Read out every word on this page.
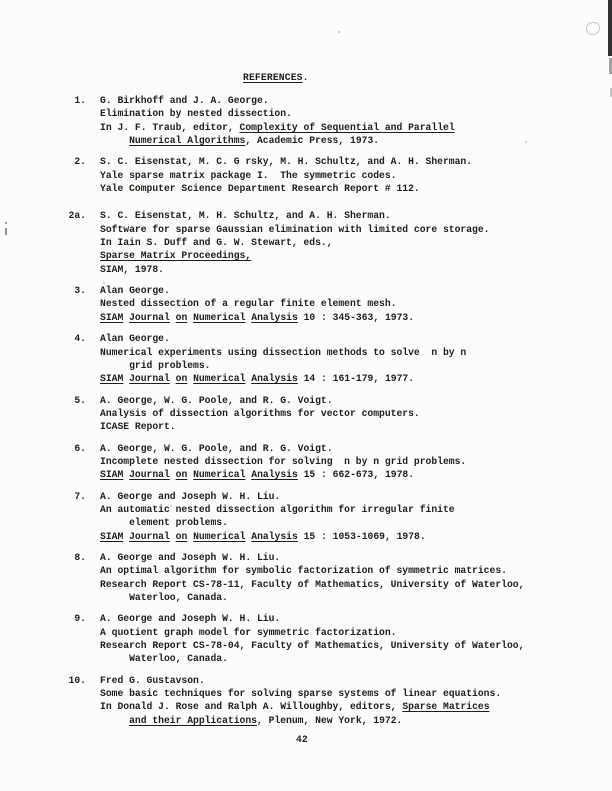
REFERENCES.
1. G. Birkhoff and J. A. George.
Elimination by nested dissection.
In J. F. Traub, editor, Complexity of Sequential and Parallel
Numerical Algorithms, Academic Press, 1973.
2. S. C. Eisenstat, M. C. G rsky, M. H. Schultz, and A. H. Sherman.
Yale sparse matrix package I.  The symmetric codes.
Yale Computer Science Department Research Report # 112.
2a. S. C. Eisenstat, M. H. Schultz, and A. H. Sherman.
Software for sparse Gaussian elimination with limited core storage.
In Iain S. Duff and G. W. Stewart, eds.,
Sparse Matrix Proceedings,
SIAM, 1978.
3. Alan George.
Nested dissection of a regular finite element mesh.
SIAM Journal on Numerical Analysis 10 : 345-363, 1973.
4. Alan George.
Numerical experiments using dissection methods to solve  n by n
grid problems.
SIAM Journal on Numerical Analysis 14 : 161-179, 1977.
5. A. George, W. G. Poole, and R. G. Voigt.
Analysis of dissection algorithms for vector computers.
ICASE Report.
6. A. George, W. G. Poole, and R. G. Voigt.
Incomplete nested dissection for solving  n by n grid problems.
SIAM Journal on Numerical Analysis 15 : 662-673, 1978.
7. A. George and Joseph W. H. Liu.
An automatic nested dissection algorithm for irregular finite
element problems.
SIAM Journal on Numerical Analysis 15 : 1053-1069, 1978.
8. A. George and Joseph W. H. Liu.
An optimal algorithm for symbolic factorization of symmetric matrices.
Research Report CS-78-11, Faculty of Mathematics, University of Waterloo,
Waterloo, Canada.
9. A. George and Joseph W. H. Liu.
A quotient graph model for symmetric factorization.
Research Report CS-78-04, Faculty of Mathematics, University of Waterloo,
Waterloo, Canada.
10. Fred G. Gustavson.
Some basic techniques for solving sparse systems of linear equations.
In Donald J. Rose and Ralph A. Willoughby, editors, Sparse Matrices
and their Applications, Plenum, New York, 1972.
42
